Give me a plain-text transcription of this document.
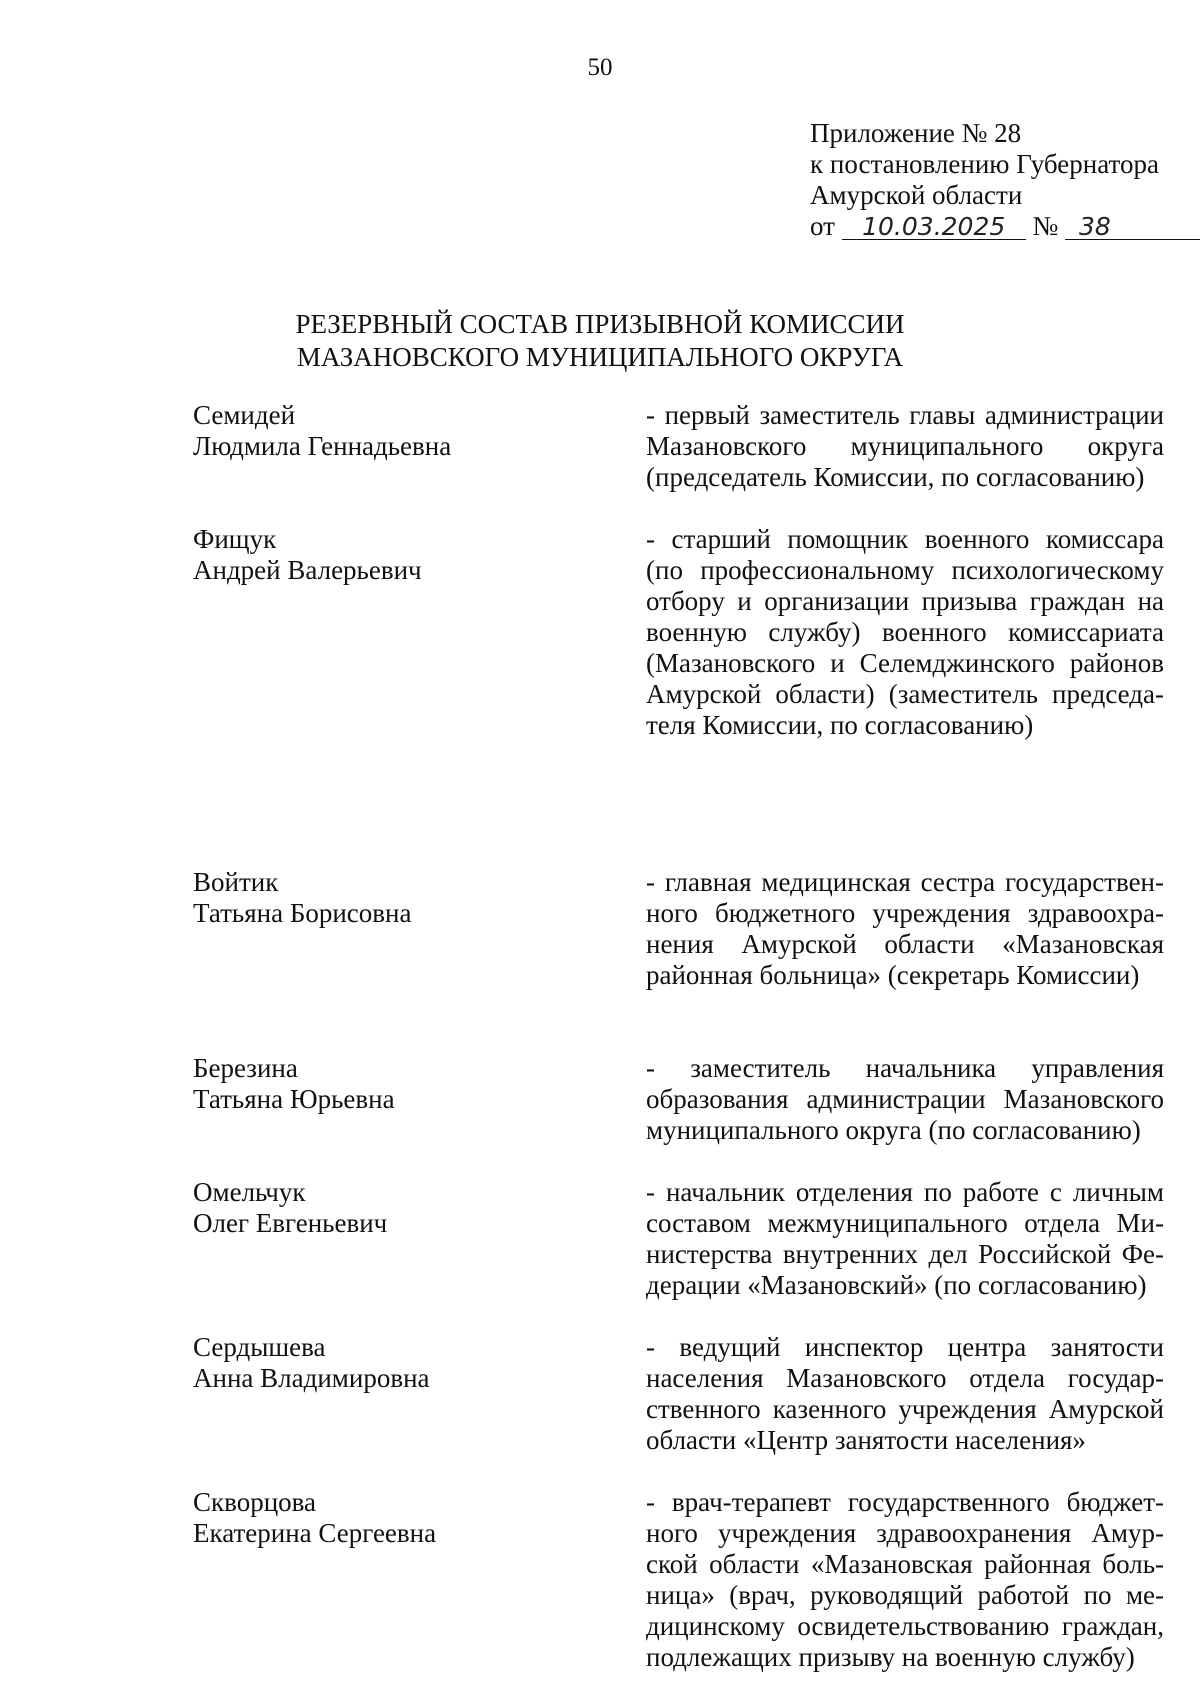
50
Приложение № 28
к постановлению Губернатора
Амурской области
от 10.03.2025 № 38
РЕЗЕРВНЫЙ СОСТАВ ПРИЗЫВНОЙ КОМИССИИ
МАЗАНОВСКОГО МУНИЦИПАЛЬНОГО ОКРУГА
Семидей
Людмила Геннадьевна
- первый заместитель главы администрации
Мазановского муниципального округа
(председатель Комиссии, по согласованию)
Фищук
Андрей Валерьевич
- старший помощник военного комиссара
(по профессиональному психологическому
отбору и организации призыва граждан на
военную службу) военного комиссариата
(Мазановского и Селемджинского районов
Амурской области) (заместитель председа-
теля Комиссии, по согласованию)
Войтик
Татьяна Борисовна
- главная медицинская сестра государствен-
ного бюджетного учреждения здравоохра-
нения Амурской области «Мазановская
районная больница» (секретарь Комиссии)
Березина
Татьяна Юрьевна
- заместитель начальника управления
образования администрации Мазановского
муниципального округа (по согласованию)
Омельчук
Олег Евгеньевич
- начальник отделения по работе с личным
составом межмуниципального отдела Ми-
нистерства внутренних дел Российской Фе-
дерации «Мазановский» (по согласованию)
Сердышева
Анна Владимировна
- ведущий инспектор центра занятости
населения Мазановского отдела государ-
ственного казенного учреждения Амурской
области «Центр занятости населения»
Скворцова
Екатерина Сергеевна
- врач-терапевт государственного бюджет-
ного учреждения здравоохранения Амур-
ской области «Мазановская районная боль-
ница» (врач, руководящий работой по ме-
дицинскому освидетельствованию граждан,
подлежащих призыву на военную службу)
